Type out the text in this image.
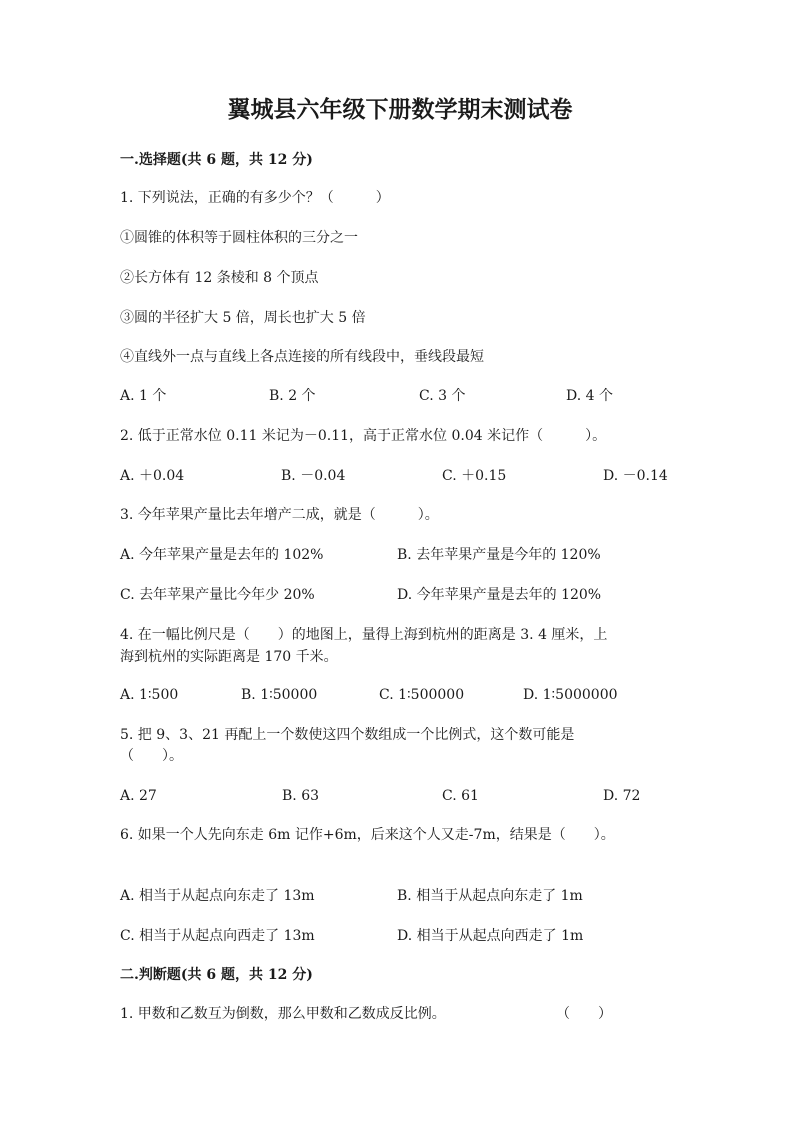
翼城县六年级下册数学期末测试卷
一.选择题(共 6 题，共 12 分)
1. 下列说法，正确的有多少个？（　　　）
①圆锥的体积等于圆柱体积的三分之一
②长方体有 12 条棱和 8 个顶点
③圆的半径扩大 5 倍，周长也扩大 5 倍
④直线外一点与直线上各点连接的所有线段中，垂线段最短
A. 1 个	B. 2 个	C. 3 个	D. 4 个
2. 低于正常水位 0.11 米记为－0.11，高于正常水位 0.04 米记作（　　　）。
A. ＋0.04	B. －0.04	C. ＋0.15	D. －0.14
3. 今年苹果产量比去年增产二成，就是（　　　）。
A. 今年苹果产量是去年的 102%	B. 去年苹果产量是今年的 120%
C. 去年苹果产量比今年少 20%	D. 今年苹果产量是去年的 120%
4. 在一幅比例尺是（　　）的地图上，量得上海到杭州的距离是 3. 4 厘米，上
海到杭州的实际距离是 170 千米。
A. 1∶500	B. 1∶50000	C. 1∶500000	D. 1∶5000000
5. 把 9、3、21 再配上一个数使这四个数组成一个比例式，这个数可能是
（　　）。
A. 27	B. 63	C. 61	D. 72
6. 如果一个人先向东走 6m 记作+6m，后来这个人又走-7m，结果是（　　）。
A. 相当于从起点向东走了 13m	B. 相当于从起点向东走了 1m
C. 相当于从起点向西走了 13m	D. 相当于从起点向西走了 1m
二.判断题(共 6 题，共 12 分)
1. 甲数和乙数互为倒数，那么甲数和乙数成反比例。	（　　）
